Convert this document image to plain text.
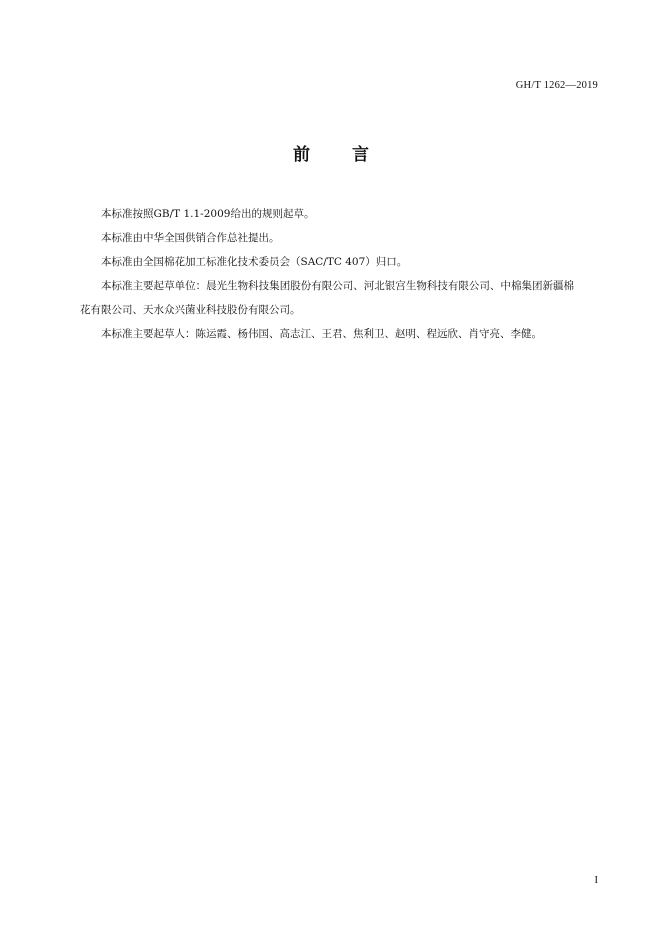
GH/T 1262—2019
前 言

本标准按照GB/T 1.1-2009给出的规则起草。

本标准由中华全国供销合作总社提出。

本标准由全国棉花加工标准化技术委员会（SAC/TC 407）归口。

本标准主要起草单位：晨光生物科技集团股份有限公司、河北银宫生物科技有限公司、中棉集团新疆棉花有限公司、天水众兴菌业科技股份有限公司。

本标准主要起草人：陈运霞、杨伟国、高志江、王君、焦利卫、赵明、程远欣、肖守亮、李健。

I
